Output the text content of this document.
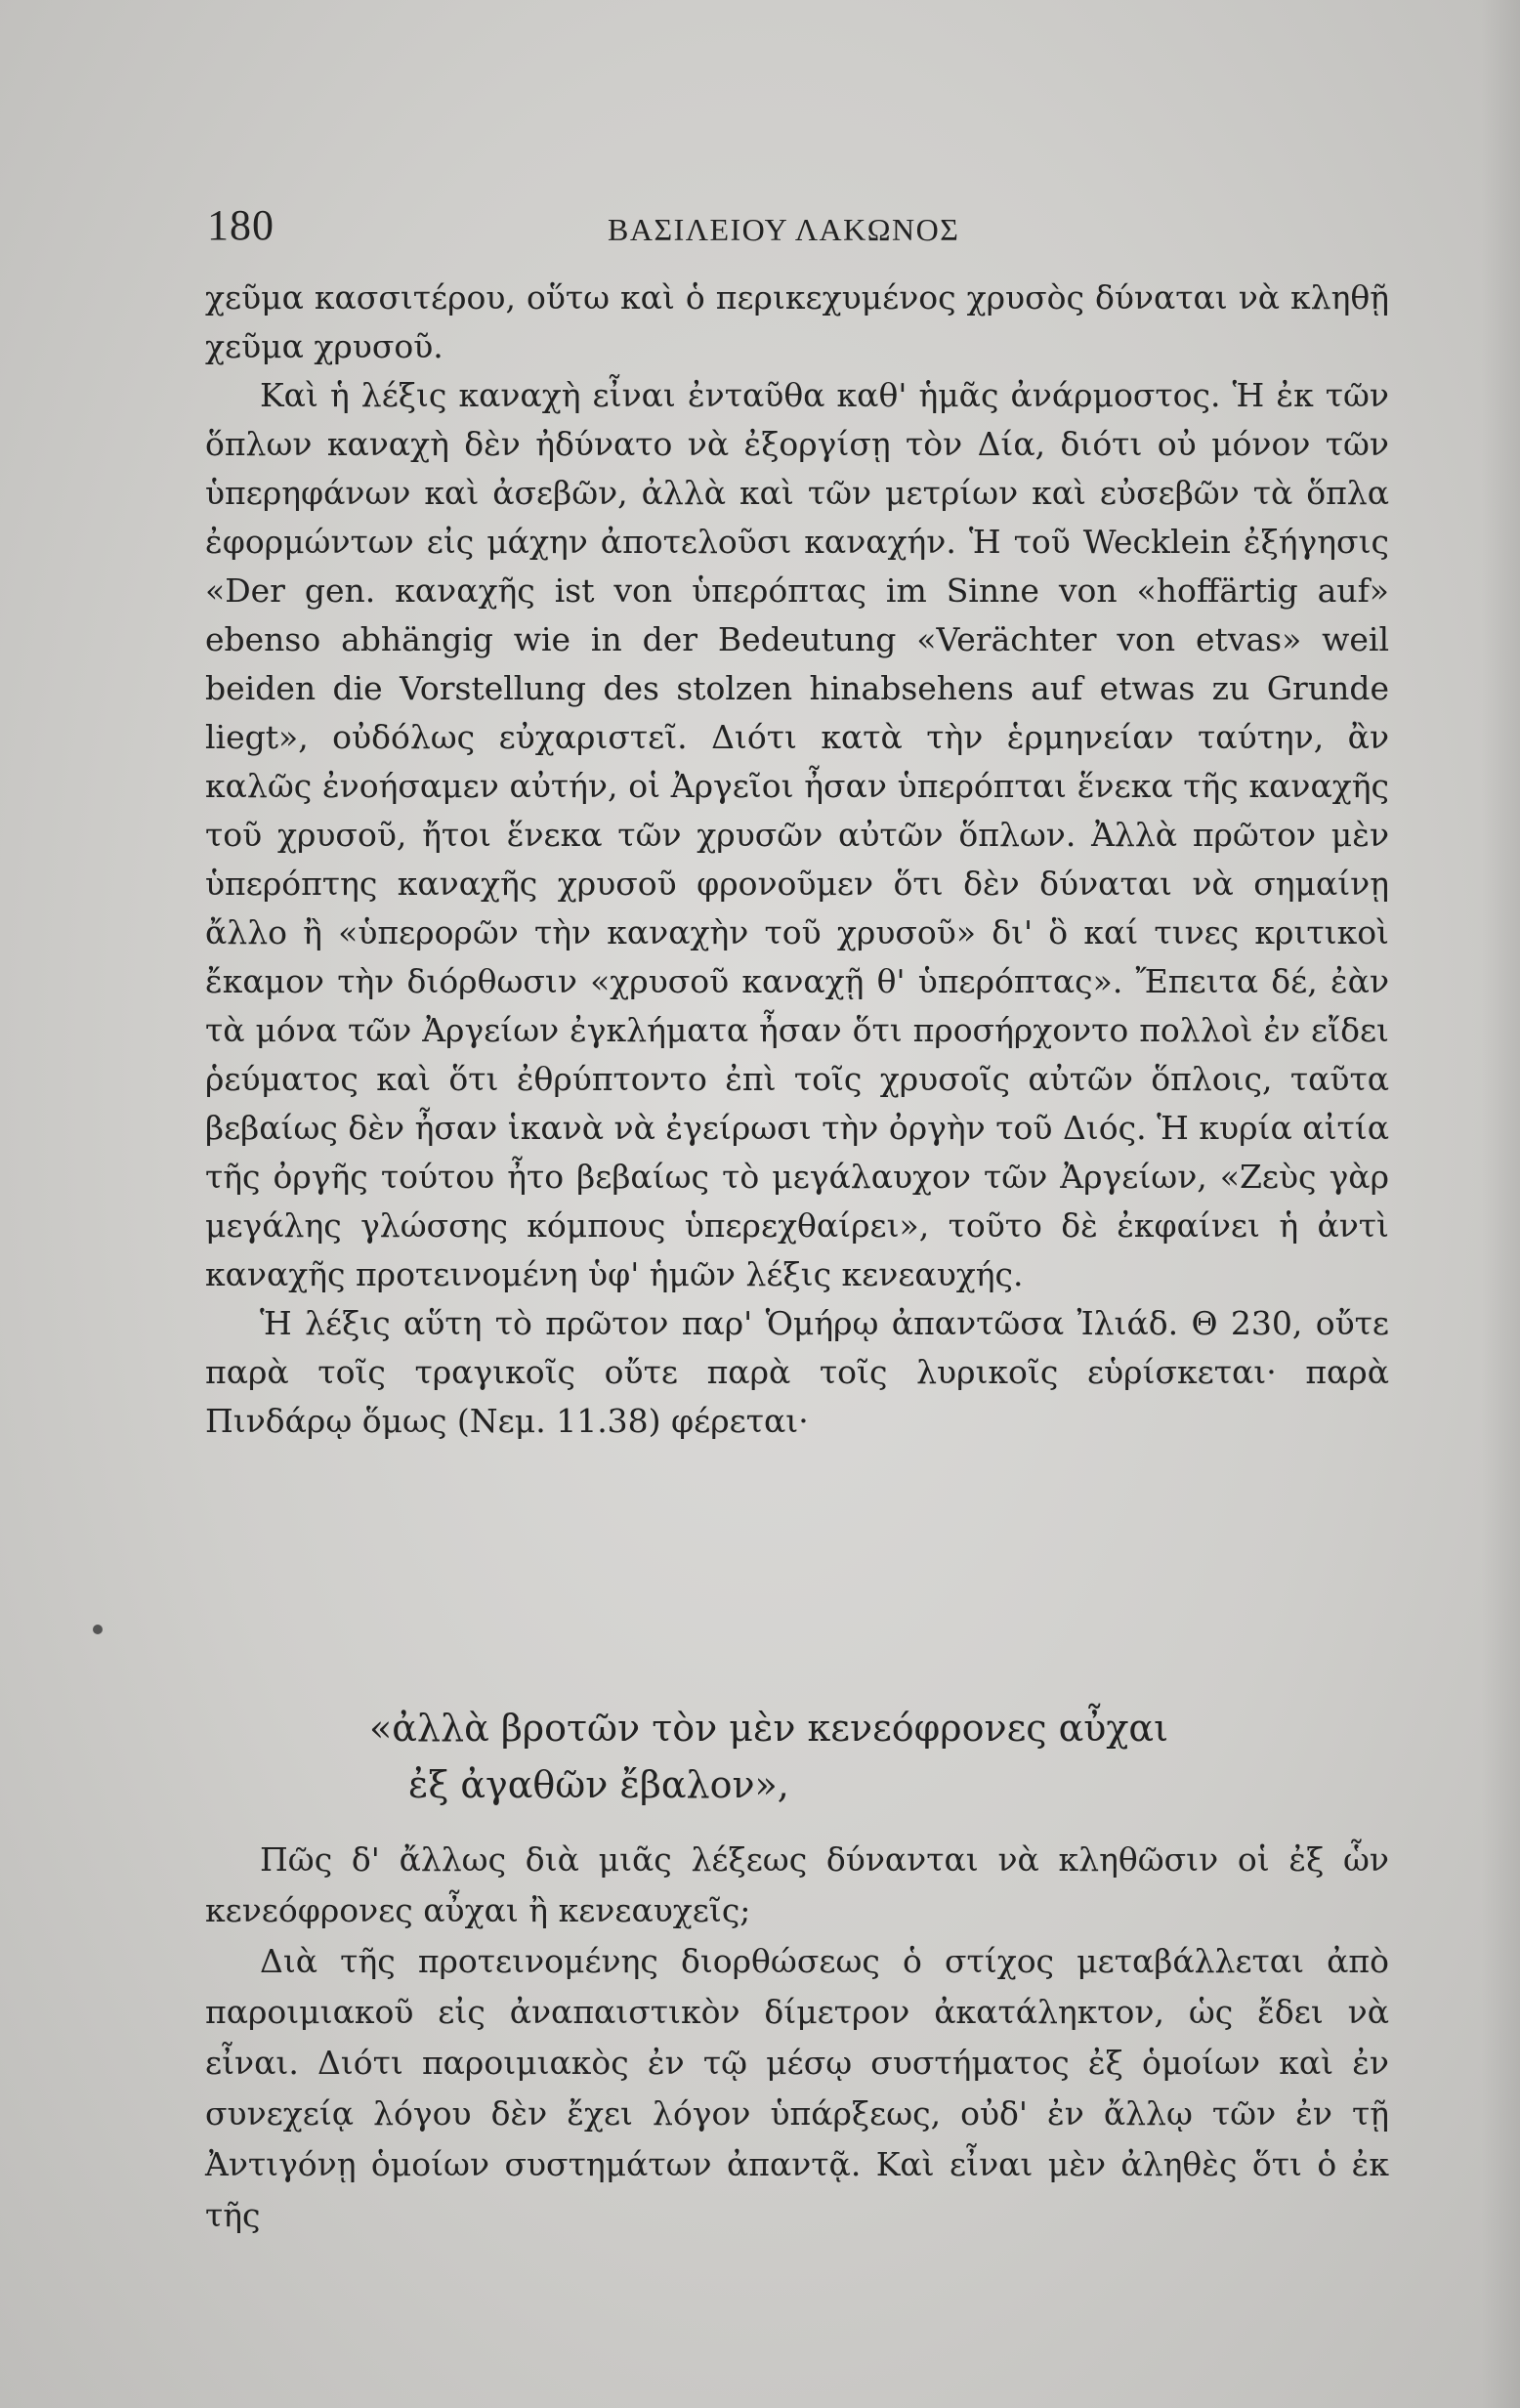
180	ΒΑΣΙΛΕΙΟΥ ΛΑΚΩΝΟΣ

χεῦμα κασσιτέρου, οὕτω καὶ ὁ περικεχυμένος χρυσὸς δύναται νὰ κληθῇ χεῦμα χρυσοῦ.

Καὶ ἡ λέξις καναχὴ εἶναι ἐνταῦθα καθ' ἡμᾶς ἀνάρμοστος. Ἡ ἐκ τῶν ὅπλων καναχὴ δὲν ἠδύνατο νὰ ἐξοργίσῃ τὸν Δία, διότι οὐ μόνον τῶν ὑπερηφάνων καὶ ἀσεβῶν, ἀλλὰ καὶ τῶν μετρίων καὶ εὐσεβῶν τὰ ὅπλα ἐφορμώντων εἰς μάχην ἀποτελοῦσι καναχήν. Ἡ τοῦ Wecklein ἐξήγησις «Der gen. καναχῆς ist von ὑπερόπτας im Sinne von «hoffärtig auf» ebenso abhängig wie in der Bedeutung «Verächter von etvas» weil beiden die Vorstellung des stolzen hinabsehens auf etwas zu Grunde liegt», οὐδόλως εὐχαριστεῖ. Διότι κατὰ τὴν ἑρμηνείαν ταύτην, ἂν καλῶς ἐνοήσαμεν αὐτήν, οἱ Ἀργεῖοι ἦσαν ὑπερόπται ἕνεκα τῆς καναχῆς τοῦ χρυσοῦ, ἤτοι ἕνεκα τῶν χρυσῶν αὐτῶν ὅπλων. Ἀλλὰ πρῶτον μὲν ὑπερόπτης καναχῆς χρυσοῦ φρονοῦμεν ὅτι δὲν δύναται νὰ σημαίνῃ ἄλλο ἢ «ὑπερορῶν τὴν καναχὴν τοῦ χρυσοῦ» δι' ὃ καί τινες κριτικοὶ ἔκαμον τὴν διόρθωσιν «χρυσοῦ καναχῇ θ' ὑπερόπτας». Ἔπειτα δέ, ἐὰν τὰ μόνα τῶν Ἀργείων ἐγκλήματα ἦσαν ὅτι προσήρχοντο πολλοὶ ἐν εἴδει ῥεύματος καὶ ὅτι ἐθρύπτοντο ἐπὶ τοῖς χρυσοῖς αὐτῶν ὅπλοις, ταῦτα βεβαίως δὲν ἦσαν ἱκανὰ νὰ ἐγείρωσι τὴν ὀργὴν τοῦ Διός. Ἡ κυρία αἰτία τῆς ὀργῆς τούτου ἦτο βεβαίως τὸ μεγάλαυχον τῶν Ἀργείων, «Ζεὺς γὰρ μεγάλης γλώσσης κόμπους ὑπερεχθαίρει», τοῦτο δὲ ἐκφαίνει ἡ ἀντὶ καναχῆς προτεινομένη ὑφ' ἡμῶν λέξις κενεαυχής.

Ἡ λέξις αὕτη τὸ πρῶτον παρ' Ὁμήρῳ ἀπαντῶσα Ἰλιάδ. Θ 230, οὔτε παρὰ τοῖς τραγικοῖς οὔτε παρὰ τοῖς λυρικοῖς εὑρίσκεται· παρὰ Πινδάρῳ ὅμως (Νεμ. 11.38) φέρεται·

«ἀλλὰ βροτῶν τὸν μὲν κενεόφρονες αὖχαι
ἐξ ἀγαθῶν ἔβαλον»,

Πῶς δ' ἄλλως διὰ μιᾶς λέξεως δύνανται νὰ κληθῶσιν οἱ ἐξ ὧν κενεόφρονες αὖχαι ἢ κενεαυχεῖς;

Διὰ τῆς προτεινομένης διορθώσεως ὁ στίχος μεταβάλλεται ἀπὸ παροιμιακοῦ εἰς ἀναπαιστικὸν δίμετρον ἀκατάληκτον, ὡς ἔδει νὰ εἶναι. Διότι παροιμιακὸς ἐν τῷ μέσῳ συστήματος ἐξ ὁμοίων καὶ ἐν συνεχείᾳ λόγου δὲν ἔχει λόγον ὑπάρξεως, οὐδ' ἐν ἄλλῳ τῶν ἐν τῇ Ἀντιγόνῃ ὁμοίων συστημάτων ἀπαντᾷ. Καὶ εἶναι μὲν ἀληθὲς ὅτι ὁ ἐκ τῆς
